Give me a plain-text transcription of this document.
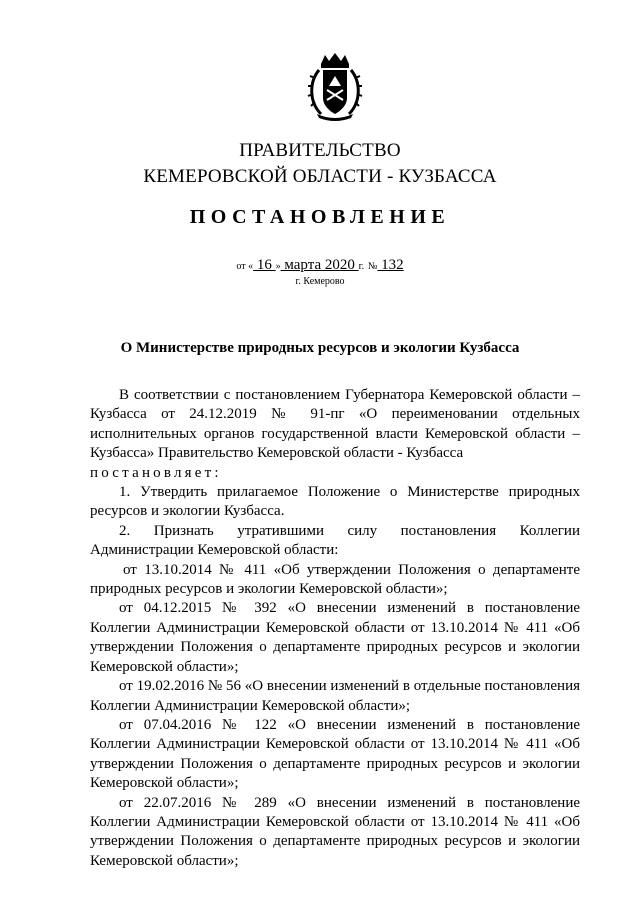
ПРАВИТЕЛЬСТВО
КЕМЕРОВСКОЙ ОБЛАСТИ - КУЗБАССА
ПОСТАНОВЛЕНИЕ
от « 16 » марта 2020 г. № 132
г. Кемерово
О Министерстве природных ресурсов и экологии Кузбасса

В соответствии с постановлением Губернатора Кемеровской области – Кузбасса от 24.12.2019 № 91-пг «О переименовании отдельных исполнительных органов государственной власти Кемеровской области – Кузбасса» Правительство Кемеровской области - Кузбасса

постановляет:

1. Утвердить прилагаемое Положение о Министерстве природных ресурсов и экологии Кузбасса.

2. Признать утратившими силу постановления Коллегии

Администрации Кемеровской области:

от 13.10.2014 № 411 «Об утверждении Положения о департаменте природных ресурсов и экологии Кемеровской области»;

от 04.12.2015 № 392 «О внесении изменений в постановление Коллегии Администрации Кемеровской области от 13.10.2014 № 411 «Об утверждении Положения о департаменте природных ресурсов и экологии Кемеровской области»;

от 19.02.2016 № 56 «О внесении изменений в отдельные постановления Коллегии Администрации Кемеровской области»;

от 07.04.2016 № 122 «О внесении изменений в постановление Коллегии Администрации Кемеровской области от 13.10.2014 № 411 «Об утверждении Положения о департаменте природных ресурсов и экологии Кемеровской области»;

от 22.07.2016 № 289 «О внесении изменений в постановление Коллегии Администрации Кемеровской области от 13.10.2014 № 411 «Об утверждении Положения о департаменте природных ресурсов и экологии Кемеровской области»;
